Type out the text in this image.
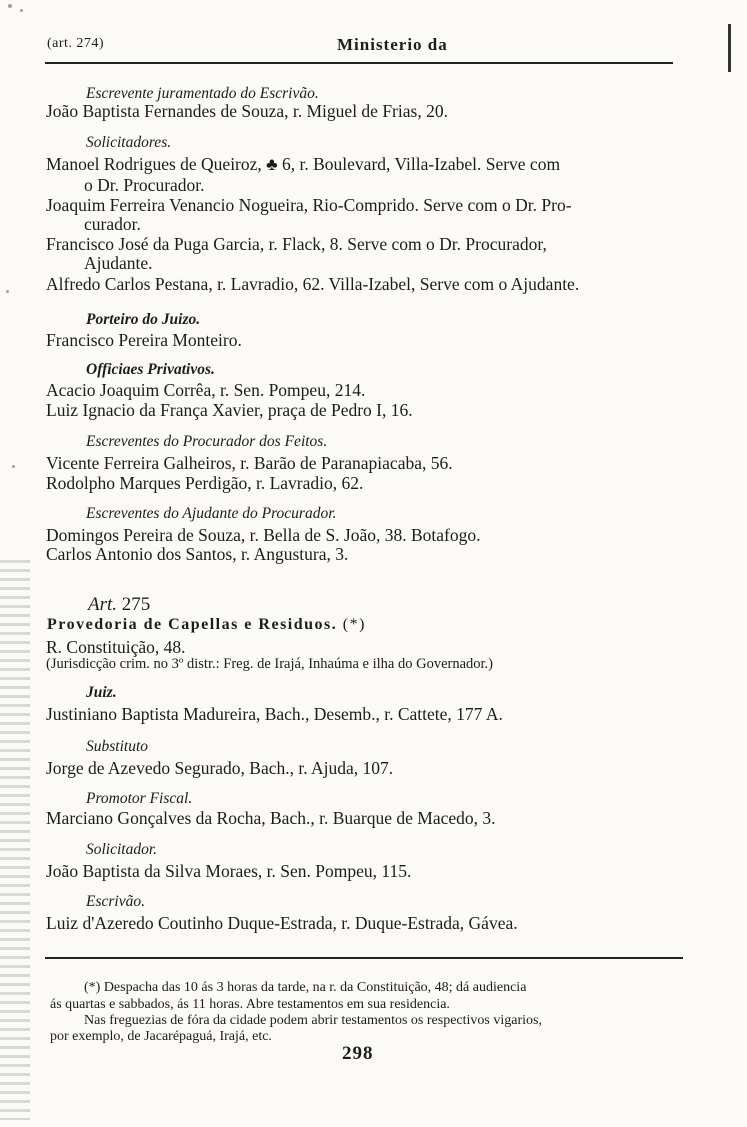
(art. 274)	Ministerio da
Escrevente juramentado do Escrivão.
João Baptista Fernandes de Souza, r. Miguel de Frias, 20.
Solicitadores.
Manoel Rodrigues de Queiroz, ♣ 6, r. Boulevard, Villa-Izabel. Serve com
o Dr. Procurador.
Joaquim Ferreira Venancio Nogueira, Rio-Comprido. Serve com o Dr. Pro-
curador.
Francisco José da Puga Garcia, r. Flack, 8. Serve com o Dr. Procurador,
Ajudante.
Alfredo Carlos Pestana, r. Lavradio, 62. Villa-Izabel, Serve com o Ajudante.
Porteiro do Juizo.
Francisco Pereira Monteiro.
Officiaes Privativos.
Acacio Joaquim Corrêa, r. Sen. Pompeu, 214.
Luiz Ignacio da França Xavier, praça de Pedro I, 16.
Escreventes do Procurador dos Feitos.
Vicente Ferreira Galheiros, r. Barão de Paranapiacaba, 56.
Rodolpho Marques Perdigão, r. Lavradio, 62.
Escreventes do Ajudante do Procurador.
Domingos Pereira de Souza, r. Bella de S. João, 38. Botafogo.
Carlos Antonio dos Santos, r. Angustura, 3.
Art. 275
Provedoria de Capellas e Residuos. (*)
R. Constituição, 48.
(Jurisdicção crim. no 3º distr.: Freg. de Irajá, Inhaúma e ilha do Governador.)
Juiz.
Justiniano Baptista Madureira, Bach., Desemb., r. Cattete, 177 A.
Substituto
Jorge de Azevedo Segurado, Bach., r. Ajuda, 107.
Promotor Fiscal.
Marciano Gonçalves da Rocha, Bach., r. Buarque de Macedo, 3.
Solicitador.
João Baptista da Silva Moraes, r. Sen. Pompeu, 115.
Escrivão.
Luiz d'Azeredo Coutinho Duque-Estrada, r. Duque-Estrada, Gávea.
(*) Despacha das 10 ás 3 horas da tarde, na r. da Constituição, 48; dá audiencia
ás quartas e sabbados, ás 11 horas. Abre testamentos em sua residencia.
Nas freguezias de fóra da cidade podem abrir testamentos os respectivos vigarios,
por exemplo, de Jacarépaguá, Irajá, etc.
298
